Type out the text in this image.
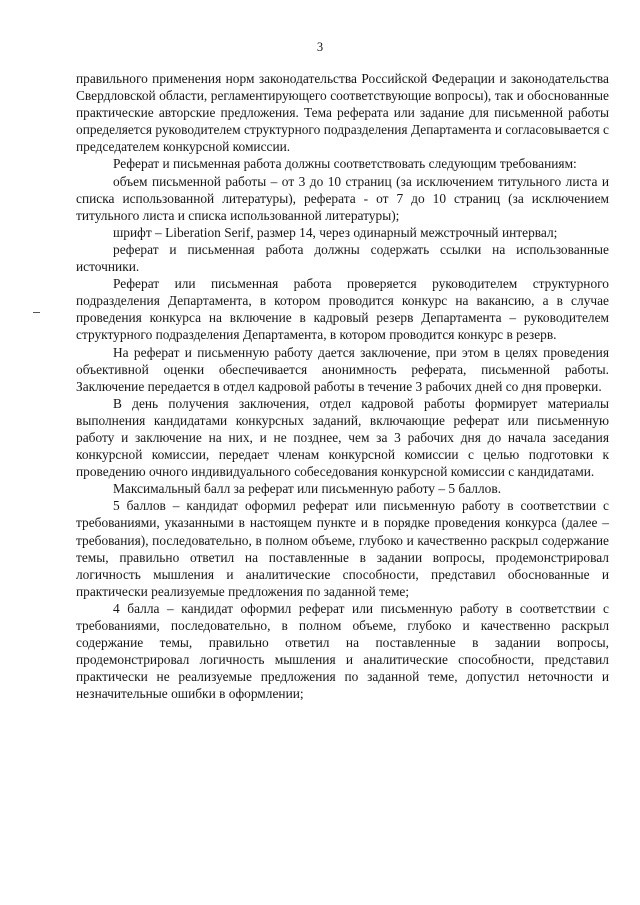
3

правильного применения норм законодательства Российской Федерации и законодательства Свердловской области, регламентирующего соответствующие вопросы), так и обоснованные практические авторские предложения. Тема реферата или задание для письменной работы определяется руководителем структурного подразделения Департамента и согласовывается с председателем конкурсной комиссии.

Реферат и письменная работа должны соответствовать следующим требованиям:

объем письменной работы – от 3 до 10 страниц (за исключением титульного листа и списка использованной литературы), реферата - от 7 до 10 страниц (за исключением титульного листа и списка использованной литературы);

шрифт – Liberation Serif, размер 14, через одинарный межстрочный интервал;

реферат и письменная работа должны содержать ссылки на использованные источники.

Реферат или письменная работа проверяется руководителем структурного подразделения Департамента, в котором проводится конкурс на вакансию, а в случае проведения конкурса на включение в кадровый резерв Департамента – руководителем структурного подразделения Департамента, в котором проводится конкурс в резерв.

На реферат и письменную работу дается заключение, при этом в целях проведения объективной оценки обеспечивается анонимность реферата, письменной работы. Заключение передается в отдел кадровой работы в течение 3 рабочих дней со дня проверки.

В день получения заключения, отдел кадровой работы формирует материалы выполнения кандидатами конкурсных заданий, включающие реферат или письменную работу и заключение на них, и не позднее, чем за 3 рабочих дня до начала заседания конкурсной комиссии, передает членам конкурсной комиссии с целью подготовки к проведению очного индивидуального собеседования конкурсной комиссии с кандидатами.

Максимальный балл за реферат или письменную работу – 5 баллов.

5 баллов – кандидат оформил реферат или письменную работу в соответствии с требованиями, указанными в настоящем пункте и в порядке проведения конкурса (далее – требования), последовательно, в полном объеме, глубоко и качественно раскрыл содержание темы, правильно ответил на поставленные в задании вопросы, продемонстрировал логичность мышления и аналитические способности, представил обоснованные и практически реализуемые предложения по заданной теме;

4 балла – кандидат оформил реферат или письменную работу в соответствии с требованиями, последовательно, в полном объеме, глубоко и качественно раскрыл содержание темы, правильно ответил на поставленные в задании вопросы, продемонстрировал логичность мышления и аналитические способности, представил практически не реализуемые предложения по заданной теме, допустил неточности и незначительные ошибки в оформлении;
